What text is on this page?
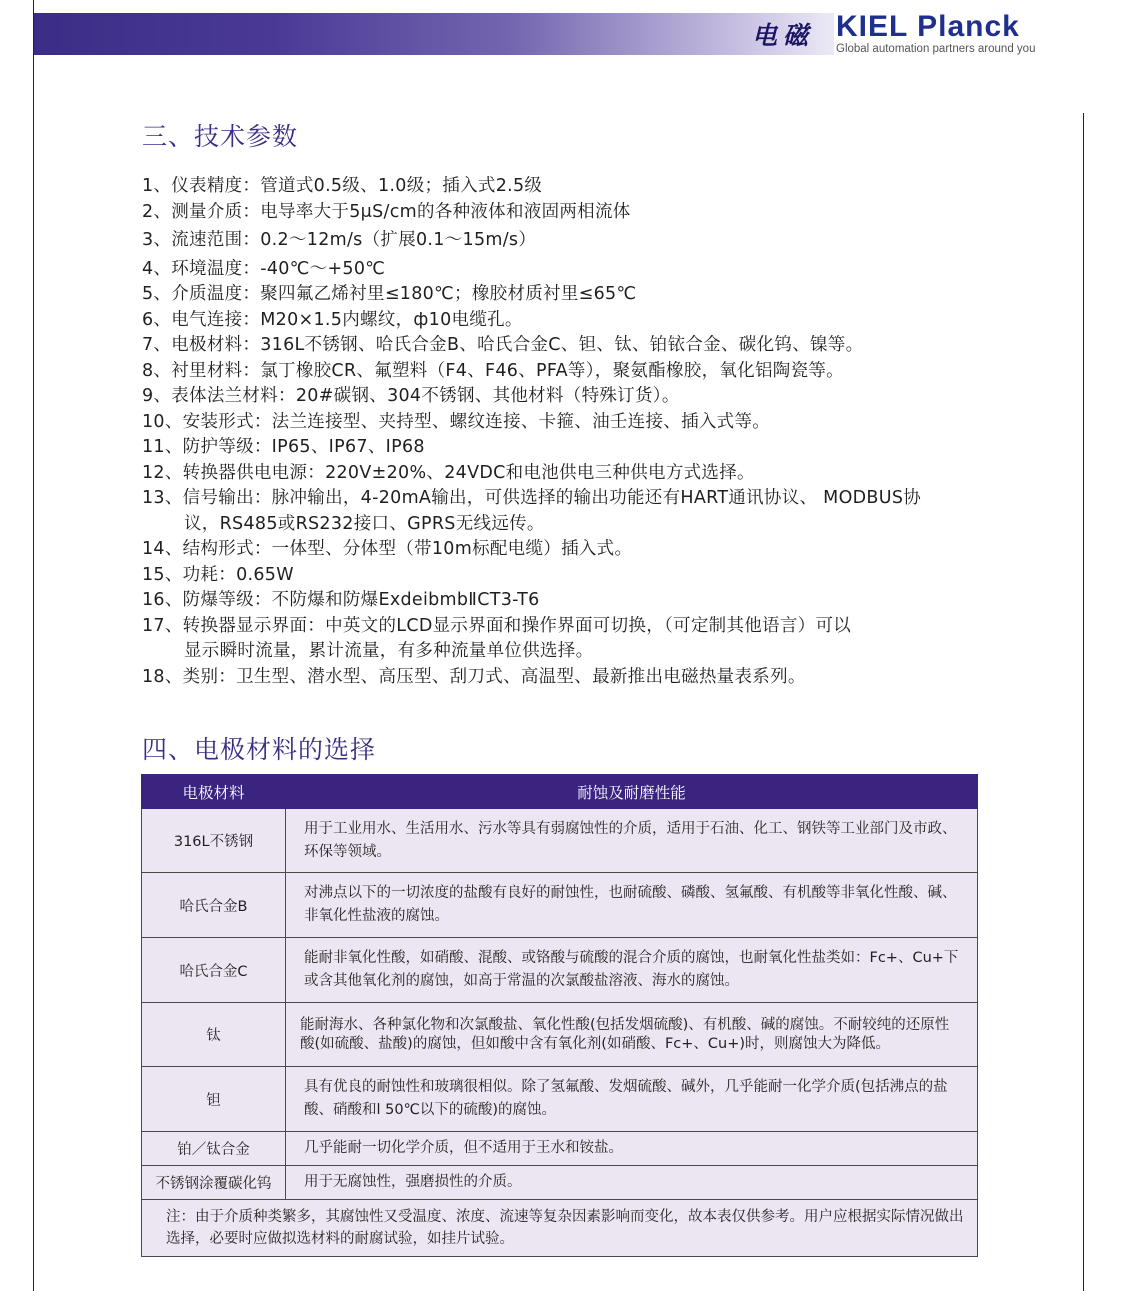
电磁 KIEL Planck
Global automation partners around you
三、技术参数
1、仪表精度：管道式0.5级、1.0级；插入式2.5级
2、测量介质：电导率大于5μS/cm的各种液体和液固两相流体
3、流速范围：0.2～12m/s（扩展0.1～15m/s）
4、环境温度：-40℃～+50℃
5、介质温度：聚四氟乙烯衬里≤180℃；橡胶材质衬里≤65℃
6、电气连接：M20×1.5内螺纹，ф10电缆孔。
7、电极材料：316L不锈钢、哈氏合金B、哈氏合金C、钽、钛、铂铱合金、碳化钨、镍等。
8、衬里材料：氯丁橡胶CR、氟塑料（F4、F46、PFA等），聚氨酯橡胶，氧化铝陶瓷等。
9、表体法兰材料：20#碳钢、304不锈钢、其他材料（特殊订货）。
10、安装形式：法兰连接型、夹持型、螺纹连接、卡箍、油壬连接、插入式等。
11、防护等级：IP65、IP67、IP68
12、转换器供电电源：220V±20%、24VDC和电池供电三种供电方式选择。
13、信号输出：脉冲输出，4-20mA输出，可供选择的输出功能还有HART通讯协议、 MODBUS协
议，RS485或RS232接口、GPRS无线远传。
14、结构形式：一体型、分体型（带10m标配电缆）插入式。
15、功耗：0.65W
16、防爆等级：不防爆和防爆ExdeibmbⅡCT3-T6
17、转换器显示界面：中英文的LCD显示界面和操作界面可切换，（可定制其他语言）可以
显示瞬时流量，累计流量，有多种流量单位供选择。
18、类别：卫生型、潜水型、高压型、刮刀式、高温型、最新推出电磁热量表系列。
四、电极材料的选择
电极材料	耐蚀及耐磨性能
316L不锈钢	用于工业用水、生活用水、污水等具有弱腐蚀性的介质，适用于石油、化工、钢铁等工业部门及市政、环保等领域。
哈氏合金B	对沸点以下的一切浓度的盐酸有良好的耐蚀性，也耐硫酸、磷酸、氢氟酸、有机酸等非氧化性酸、碱、非氧化性盐液的腐蚀。
哈氏合金C	能耐非氧化性酸，如硝酸、混酸、或铬酸与硫酸的混合介质的腐蚀，也耐氧化性盐类如：Fc+、Cu+下或含其他氧化剂的腐蚀，如高于常温的次氯酸盐溶液、海水的腐蚀。
钛	能耐海水、各种氯化物和次氯酸盐、氧化性酸(包括发烟硫酸)、有机酸、碱的腐蚀。不耐较纯的还原性酸(如硫酸、盐酸)的腐蚀，但如酸中含有氧化剂(如硝酸、Fc+、Cu+)时，则腐蚀大为降低。
钽	具有优良的耐蚀性和玻璃很相似。除了氢氟酸、发烟硫酸、碱外，几乎能耐一化学介质(包括沸点的盐酸、硝酸和l 50℃以下的硫酸)的腐蚀。
铂／钛合金	几乎能耐一切化学介质，但不适用于王水和铵盐。
不锈钢涂覆碳化钨	用于无腐蚀性，强磨损性的介质。
注：由于介质种类繁多，其腐蚀性又受温度、浓度、流速等复杂因素影响而变化，故本表仅供参考。用户应根据实际情况做出选择，必要时应做拟选材料的耐腐试验，如挂片试验。	
